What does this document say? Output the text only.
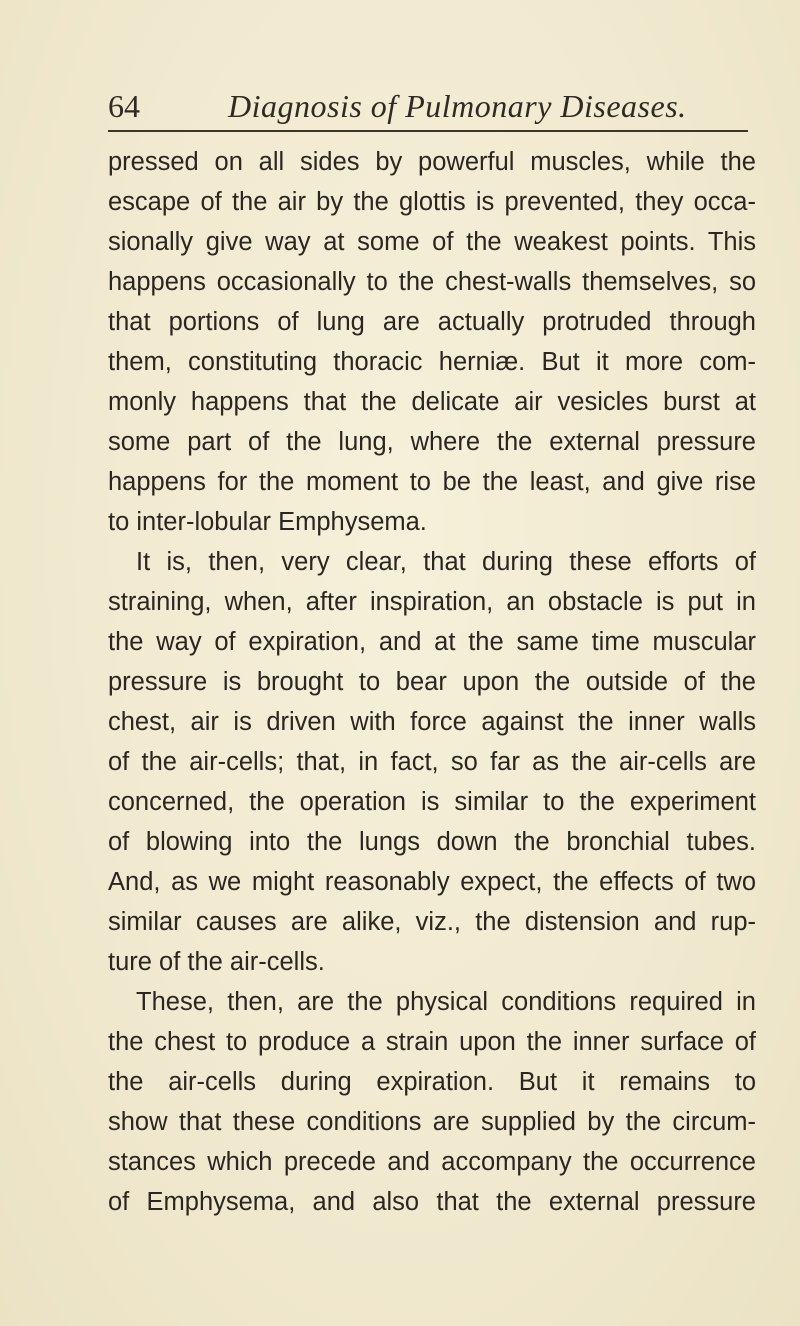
64	Diagnosis of Pulmonary Diseases.
pressed on all sides by powerful muscles, while the
escape of the air by the glottis is prevented, they occa-
sionally give way at some of the weakest points. This
happens occasionally to the chest-walls themselves, so
that portions of lung are actually protruded through
them, constituting thoracic herniæ. But it more com-
monly happens that the delicate air vesicles burst at
some part of the lung, where the external pressure
happens for the moment to be the least, and give rise
to inter-lobular Emphysema.
It is, then, very clear, that during these efforts of
straining, when, after inspiration, an obstacle is put in
the way of expiration, and at the same time muscular
pressure is brought to bear upon the outside of the
chest, air is driven with force against the inner walls
of the air-cells; that, in fact, so far as the air-cells are
concerned, the operation is similar to the experiment
of blowing into the lungs down the bronchial tubes.
And, as we might reasonably expect, the effects of two
similar causes are alike, viz., the distension and rup-
ture of the air-cells.
These, then, are the physical conditions required in
the chest to produce a strain upon the inner surface of
the air-cells during expiration. But it remains to
show that these conditions are supplied by the circum-
stances which precede and accompany the occurrence
of Emphysema, and also that the external pressure
